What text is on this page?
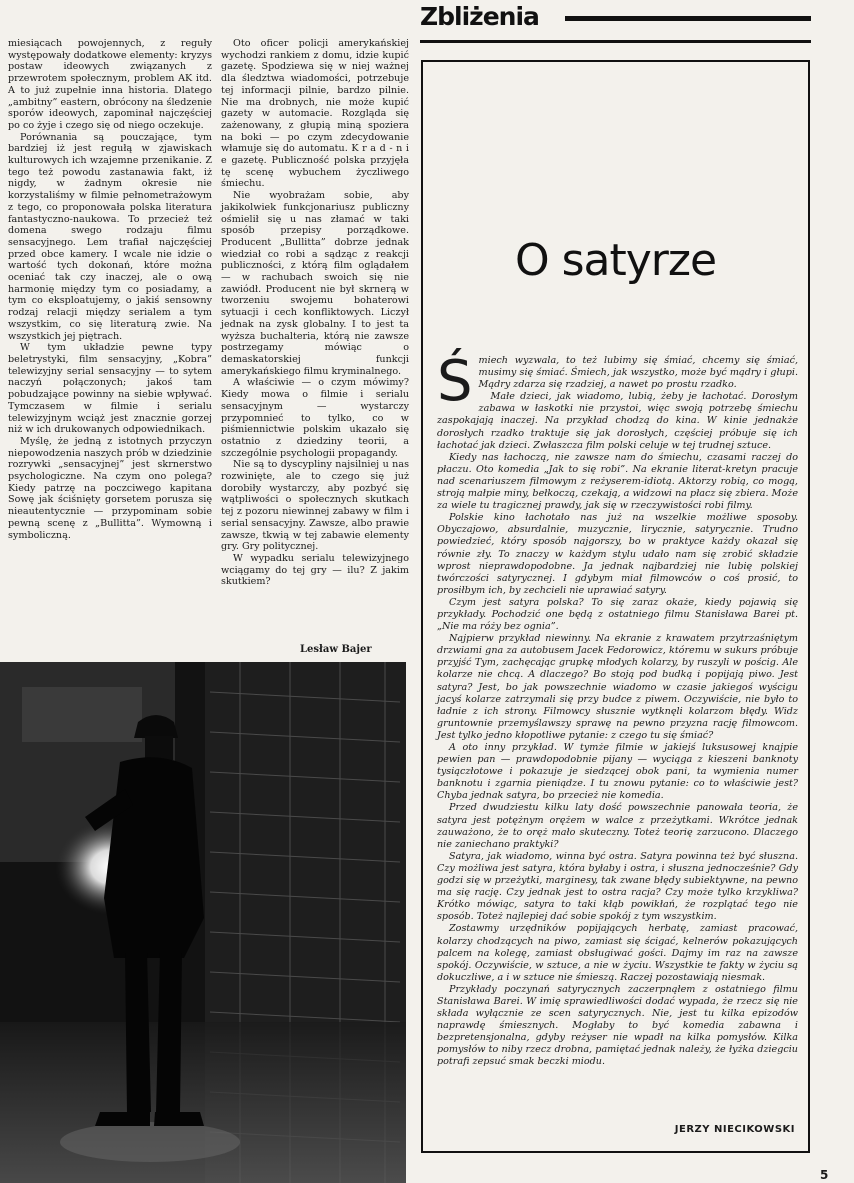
Zbliżenia

miesiącach powojennych, z reguły występowały dodatkowe elementy: kryzys postaw ideowych związanych z przewrotem społecznym, problem AK itd. A to już zupełnie inna historia. Dlatego „ambitny” eastern, obrócony na śledzenie sporów ideowych, zapominał najczęściej po co żyje i czego się od niego oczekuje.

Porównania są pouczające, tym bardziej iż jest regułą w zjawiskach kulturowych ich wzajemne przenikanie. Z tego też powodu zastanawia fakt, iż nigdy, w żadnym okresie nie korzystaliśmy w filmie pełnometrażowym z tego, co proponowała polska literatura fantastyczno-naukowa. To przecież też domena swego rodzaju filmu sensacyjnego. Lem trafiał najczęściej przed obce kamery. I wcale nie idzie o wartość tych dokonań, które można oceniać tak czy inaczej, ale o ową harmonię między tym co posiadamy, a tym co eksploatujemy, o jakiś sensowny rodzaj relacji między serialem a tym wszystkim, co się literaturą zwie. Na wszystkich jej piętrach.

W tym układzie pewne typy beletrystyki, film sensacyjny, „Kobra” telewizyjny serial sensacyjny — to sytem naczyń połączonych; jakoś tam pobudzające powinny na siebie wpływać. Tymczasem w filmie i serialu telewizyjnym wciąż jest znacznie gorzej niż w ich drukowanych odpowiednikach.

Myślę, że jedną z istotnych przyczyn niepowodzenia naszych prób w dziedzinie rozrywki „sensacyjnej” jest skrnerstwo psychologiczne. Na czym ono polega? Kiedy patrzę na poczciwego kapitana Sowę jak ściśnięty gorsetem porusza się nieautentycznie — przypominam sobie pewną scenę z „Bullitta”. Wymowną i symboliczną.

Oto oficer policji amerykańskiej wychodzi rankiem z domu, idzie kupić gazetę. Spodziewa się w niej ważnej dla śledztwa wiadomości, potrzebuje tej informacji pilnie, bardzo pilnie. Nie ma drobnych, nie może kupić gazety w automacie. Rozgląda się zażenowany, z głupią miną spoziera na boki — po czym zdecydowanie włamuje się do automatu. K r a d - n i e gazetę. Publiczność polska przyjęła tę scenę wybuchem życzliwego śmiechu.

Nie wyobrażam sobie, aby jakikolwiek funkcjonariusz publiczny ośmielił się u nas złamać w taki sposób przepisy porządkowe. Producent „Bullitta” dobrze jednak wiedział co robi a sądząc z reakcji publiczności, z którą film oglądałem — w rachubach swoich się nie zawiódł. Producent nie był skrnerą w tworzeniu swojemu bohaterowi sytuacji i cech konfliktowych. Liczył jednak na zysk globalny. I to jest ta wyższa buchalteria, którą nie zawsze postrzegamy mówiąc o demaskatorskiej funkcji amerykańskiego filmu kryminalnego.

A właściwie — o czym mówimy? Kiedy mowa o filmie i serialu sensacyjnym — wystarczy przypomnieć to tylko, co w piśmiennictwie polskim ukazało się ostatnio z dziedziny teorii, a szczególnie psychologii propagandy.

Nie są to dyscypliny najsilniej u nas rozwinięte, ale to czego się już dorobiły wystarczy, aby pozbyć się wątpliwości o społecznych skutkach tej z pozoru niewinnej zabawy w film i serial sensacyjny. Zawsze, albo prawie zawsze, tkwią w tej zabawie elementy gry. Gry politycznej.

W wypadku serialu telewizyjnego wciągamy do tej gry — ilu? Z jakim skutkiem?

Lesław Bajer
O satyrze

Śmiech wyzwala, to też lubimy się śmiać, chcemy się śmiać, musimy się śmiać. Śmiech, jak wszystko, może być mądry i głupi. Mądry zdarza się rzadziej, a nawet po prostu rzadko.

Małe dzieci, jak wiadomo, lubią, żeby je łachotać. Dorosłym zabawa w łaskotki nie przystoi, więc swoją potrzebę śmiechu zaspokajają inaczej. Na przykład chodzą do kina. W kinie jednakże dorosłych rzadko traktuje się jak dorosłych, częściej próbuje się ich łachotać jak dzieci. Zwłaszcza film polski celuje w tej trudnej sztuce.

Kiedy nas łachoczą, nie zawsze nam do śmiechu, czasami raczej do płaczu. Oto komedia „Jak to się robi”. Na ekranie literat-kretyn pracuje nad scenariuszem filmowym z reżyserem-idiotą. Aktorzy robią, co mogą, stroją małpie miny, bełkoczą, czekają, a widzowi na płacz się zbiera. Może za wiele tu tragicznej prawdy, jak się w rzeczywistości robi filmy.

Polskie kino łachotało nas już na wszelkie możliwe sposoby. Obyczajowo, absurdalnie, muzycznie, lirycznie, satyrycznie. Trudno powiedzieć, który sposób najgorszy, bo w praktyce każdy okazał się równie zły. To znaczy w każdym stylu udało nam się zrobić składzie wprost nieprawdopodobne. Ja jednak najbardziej nie lubię polskiej twórczości satyrycznej. I gdybym miał filmowców o coś prosić, to prosiłbym ich, by zechcieli nie uprawiać satyry.

Czym jest satyra polska? To się zaraz okaże, kiedy pojawią się przykłady. Pochodzić one będą z ostatniego filmu Stanisława Barei pt. „Nie ma róży bez ognia”.

Najpierw przykład niewinny. Na ekranie z krawatem przytrzaśniętym drzwiami gna za autobusem Jacek Fedorowicz, któremu w sukurs próbuje przyjść Tym, zachęcając grupkę młodych kolarzy, by ruszyli w pościg. Ale kolarze nie chcą. A dlaczego? Bo stoją pod budką i popijają piwo. Jest satyra? Jest, bo jak powszechnie wiadomo w czasie jakiegoś wyścigu jacyś kolarze zatrzymali się przy budce z piwem. Oczywiście, nie było to ładnie z ich strony. Filmowcy słusznie wytknęli kolarzom błędy. Widz gruntownie przemyślawszy sprawę na pewno przyzna rację filmowcom. Jest tylko jedno kłopotliwe pytanie: z czego tu się śmiać?

A oto inny przykład. W tymże filmie w jakiejś luksusowej knajpie pewien pan — prawdopodobnie pijany — wyciąga z kieszeni banknoty tysiączłotowe i pokazuje je siedzącej obok pani, ta wymienia numer banknotu i zgarnia pieniądze. I tu znowu pytanie: co to właściwie jest? Chyba jednak satyra, bo przecież nie komedia.

Przed dwudziestu kilku laty dość powszechnie panowała teoria, że satyra jest potężnym orężem w walce z przeżytkami. Wkrótce jednak zauważono, że to oręż mało skuteczny. Toteż teorię zarzucono. Dlaczego nie zaniechano praktyki?

Satyra, jak wiadomo, winna być ostra. Satyra powinna też być słuszna. Czy możliwa jest satyra, która byłaby i ostra, i słuszna jednocześnie? Gdy godzi się w przeżytki, marginesy, tak zwane błędy subiektywne, na pewno ma się rację. Czy jednak jest to ostra racja? Czy może tylko krzykliwa? Krótko mówiąc, satyra to taki kłąb powikłań, że rozplątać tego nie sposób. Toteż najlepiej dać sobie spokój z tym wszystkim.

Zostawmy urzędników popijających herbatę, zamiast pracować, kolarzy chodzących na piwo, zamiast się ścigać, kelnerów pokazujących palcem na kolegę, zamiast obsługiwać gości. Dajmy im raz na zawsze spokój. Oczywiście, w sztuce, a nie w życiu. Wszystkie te fakty w życiu są dokuczliwe, a i w sztuce nie śmieszą. Raczej pozostawiają niesmak.

Przykłady poczynań satyrycznych zaczerpnąłem z ostatniego filmu Stanisława Barei. W imię sprawiedliwości dodać wypada, że rzecz się nie składa wyłącznie ze scen satyrycznych. Nie, jest tu kilka epizodów naprawdę śmiesznych. Mogłaby to być komedia zabawna i bezpretensjonalna, gdyby reżyser nie wpadł na kilka pomysłów. Kilka pomysłów to niby rzecz drobna, pamiętać jednak należy, że łyżka dziegciu potrafi zepsuć smak beczki miodu.

JERZY NIECIKOWSKI
5
